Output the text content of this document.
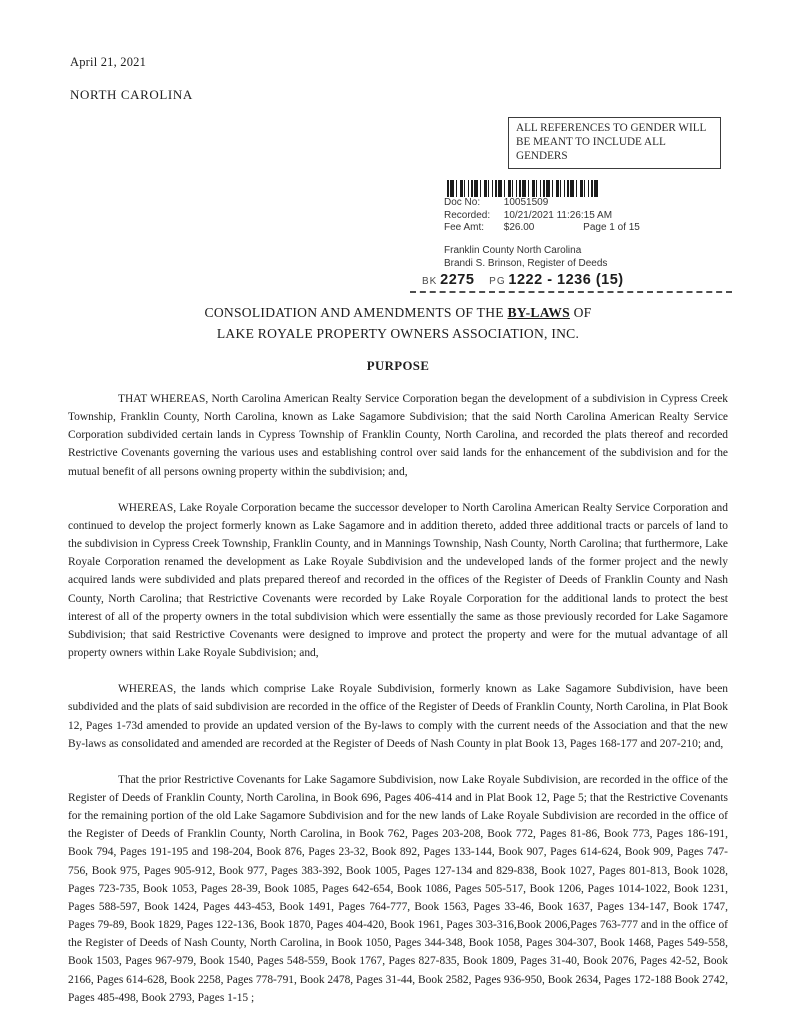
April 21, 2021
NORTH CAROLINA
ALL REFERENCES TO GENDER WILL BE MEANT TO INCLUDE ALL GENDERS
Doc No: 10051509
Recorded: 10/21/2021 11:26:15 AM
Fee Amt: $26.00	Page 1 of 15
Franklin County North Carolina
Brandi S. Brinson, Register of Deeds
BK 2275 PG 1222 - 1236 (15)
CONSOLIDATION AND AMENDMENTS OF THE BY-LAWS OF
LAKE ROYALE PROPERTY OWNERS ASSOCIATION, INC.
PURPOSE

THAT WHEREAS, North Carolina American Realty Service Corporation began the development of a subdivision in Cypress Creek Township, Franklin County, North Carolina, known as Lake Sagamore Subdivision; that the said North Carolina American Realty Service Corporation subdivided certain lands in Cypress Township of Franklin County, North Carolina, and recorded the plats thereof and recorded Restrictive Covenants governing the various uses and establishing control over said lands for the enhancement of the subdivision and for the mutual benefit of all persons owning property within the subdivision; and,

WHEREAS, Lake Royale Corporation became the successor developer to North Carolina American Realty Service Corporation and continued to develop the project formerly known as Lake Sagamore and in addition thereto, added three additional tracts or parcels of land to the subdivision in Cypress Creek Township, Franklin County, and in Mannings Township, Nash County, North Carolina; that furthermore, Lake Royale Corporation renamed the development as Lake Royale Subdivision and the undeveloped lands of the former project and the newly acquired lands were subdivided and plats prepared thereof and recorded in the offices of the Register of Deeds of Franklin County and Nash County, North Carolina; that Restrictive Covenants were recorded by Lake Royale Corporation for the additional lands to protect the best interest of all of the property owners in the total subdivision which were essentially the same as those previously recorded for Lake Sagamore Subdivision; that said Restrictive Covenants were designed to improve and protect the property and were for the mutual advantage of all property owners within Lake Royale Subdivision; and,

WHEREAS, the lands which comprise Lake Royale Subdivision, formerly known as Lake Sagamore Subdivision, have been subdivided and the plats of said subdivision are recorded in the office of the Register of Deeds of Franklin County, North Carolina, in Plat Book 12, Pages 1-73d amended to provide an updated version of the By-laws to comply with the current needs of the Association and that the new By-laws as consolidated and amended are recorded at the Register of Deeds of Nash County in plat Book 13, Pages 168-177 and 207-210; and,

That the prior Restrictive Covenants for Lake Sagamore Subdivision, now Lake Royale Subdivision, are recorded in the office of the Register of Deeds of Franklin County, North Carolina, in Book 696, Pages 406-414 and in Plat Book 12, Page 5; that the Restrictive Covenants for the remaining portion of the old Lake Sagamore Subdivision and for the new lands of Lake Royale Subdivision are recorded in the office of the Register of Deeds of Franklin County, North Carolina, in Book 762, Pages 203-208, Book 772, Pages 81-86, Book 773, Pages 186-191, Book 794, Pages 191-195 and 198-204, Book 876, Pages 23-32, Book 892, Pages 133-144, Book 907, Pages 614-624, Book 909, Pages 747-756, Book 975, Pages 905-912, Book 977, Pages 383-392, Book 1005, Pages 127-134 and 829-838, Book 1027, Pages 801-813, Book 1028, Pages 723-735, Book 1053, Pages 28-39, Book 1085, Pages 642-654, Book 1086, Pages 505-517, Book 1206, Pages 1014-1022, Book 1231, Pages 588-597, Book 1424, Pages 443-453, Book 1491, Pages 764-777, Book 1563, Pages 33-46, Book 1637, Pages 134-147, Book 1747, Pages 79-89, Book 1829, Pages 122-136, Book 1870, Pages 404-420, Book 1961, Pages 303-316,Book 2006,Pages 763-777 and in the office of the Register of Deeds of Nash County, North Carolina, in Book 1050, Pages 344-348, Book 1058, Pages 304-307, Book 1468, Pages 549-558, Book 1503, Pages 967-979, Book 1540, Pages 548-559, Book 1767, Pages 827-835, Book 1809, Pages 31-40, Book 2076, Pages 42-52, Book 2166, Pages 614-628, Book 2258, Pages 778-791, Book 2478, Pages 31-44, Book 2582, Pages 936-950, Book 2634, Pages 172-188 Book 2742, Pages 485-498, Book 2793, Pages 1-15 ;
